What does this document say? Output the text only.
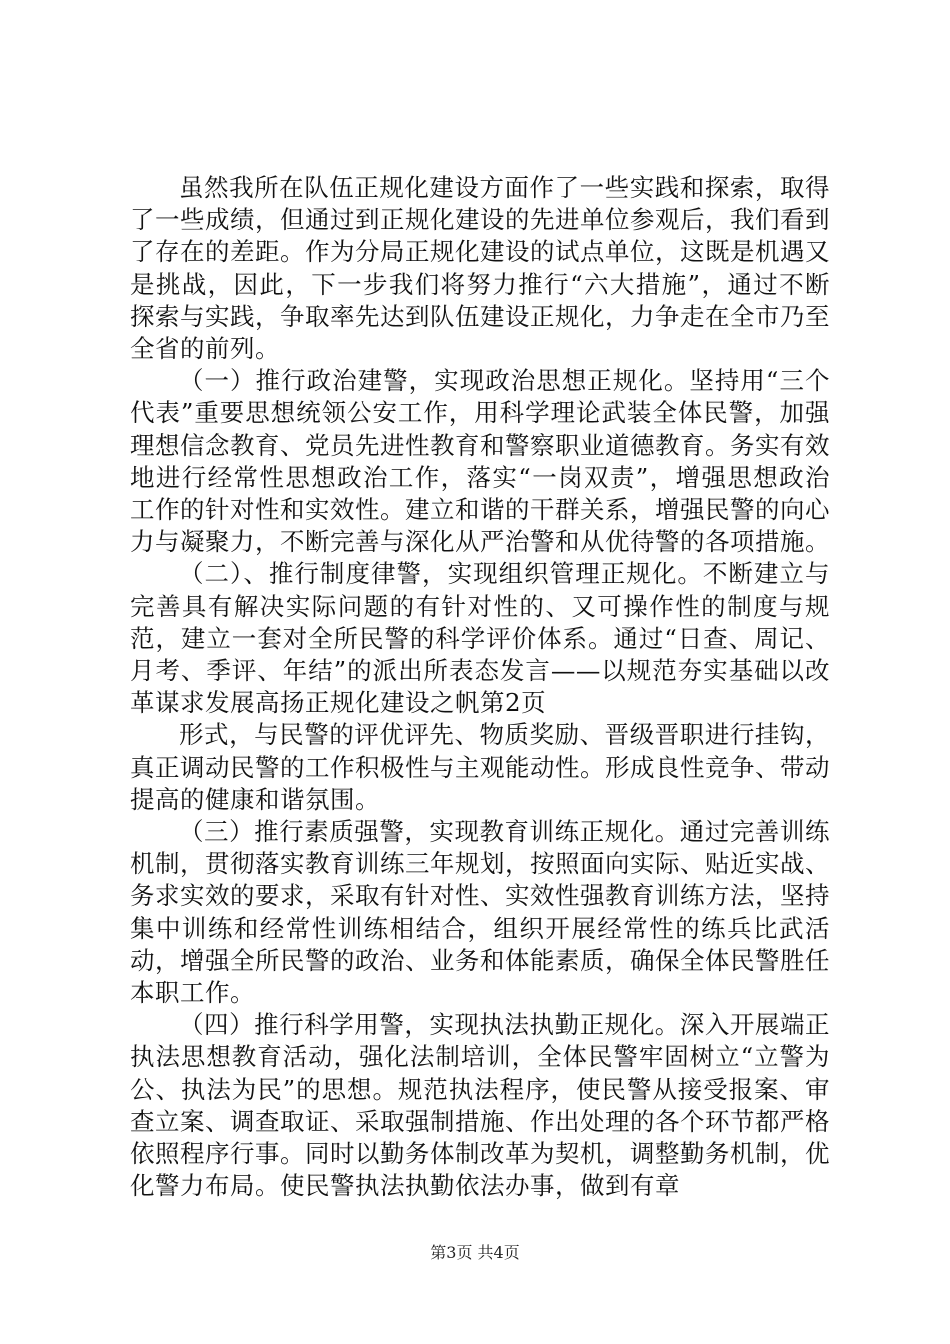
虽然我所在队伍正规化建设方面作了一些实践和探索，取得了一些成绩，但通过到正规化建设的先进单位参观后，我们看到了存在的差距。作为分局正规化建设的试点单位，这既是机遇又是挑战，因此，下一步我们将努力推行“六大措施”，通过不断探索与实践，争取率先达到队伍建设正规化，力争走在全市乃至全省的前列。

（一）推行政治建警，实现政治思想正规化。坚持用“三个代表”重要思想统领公安工作，用科学理论武装全体民警，加强理想信念教育、党员先进性教育和警察职业道德教育。务实有效地进行经常性思想政治工作，落实“一岗双责”，增强思想政治工作的针对性和实效性。建立和谐的干群关系，增强民警的向心力与凝聚力，不断完善与深化从严治警和从优待警的各项措施。

（二）、推行制度律警，实现组织管理正规化。不断建立与完善具有解决实际问题的有针对性的、又可操作性的制度与规范，建立一套对全所民警的科学评价体系。通过“日查、周记、月考、季评、年结”的派出所表态发言——以规范夯实基础以改革谋求发展高扬正规化建设之帆第2页

形式，与民警的评优评先、物质奖励、晋级晋职进行挂钩，真正调动民警的工作积极性与主观能动性。形成良性竞争、带动提高的健康和谐氛围。

（三）推行素质强警，实现教育训练正规化。通过完善训练机制，贯彻落实教育训练三年规划，按照面向实际、贴近实战、务求实效的要求，采取有针对性、实效性强教育训练方法，坚持集中训练和经常性训练相结合，组织开展经常性的练兵比武活动，增强全所民警的政治、业务和体能素质，确保全体民警胜任本职工作。

（四）推行科学用警，实现执法执勤正规化。深入开展端正执法思想教育活动，强化法制培训，全体民警牢固树立“立警为公、执法为民”的思想。规范执法程序，使民警从接受报案、审查立案、调查取证、采取强制措施、作出处理的各个环节都严格依照程序行事。同时以勤务体制改革为契机，调整勤务机制，优化警力布局。使民警执法执勤依法办事，做到有章

第3页 共4页
